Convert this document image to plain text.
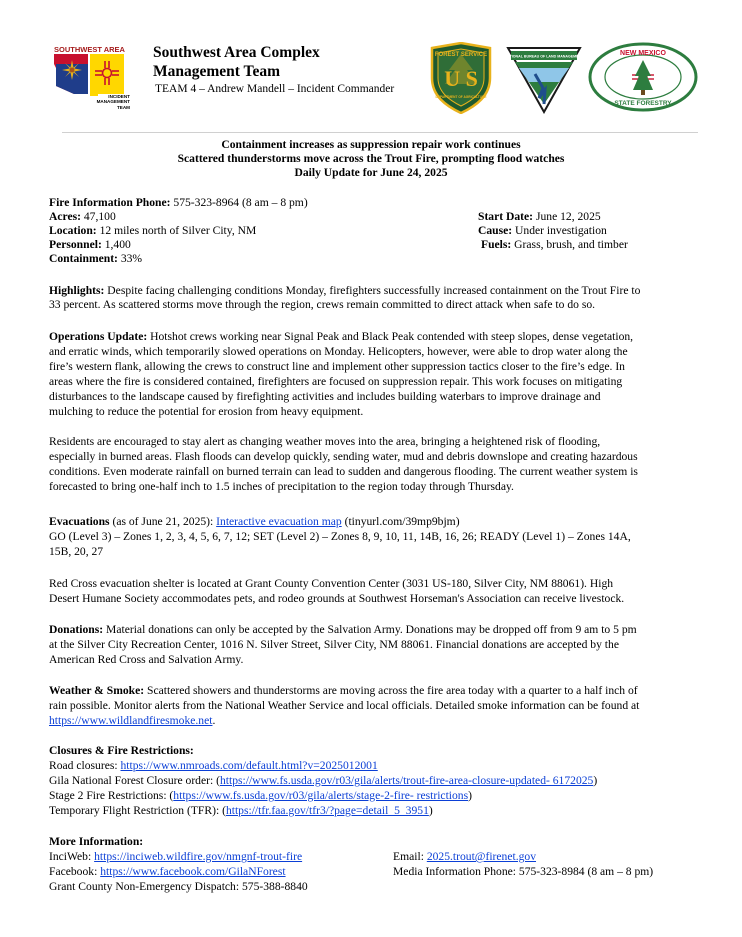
SOUTHWEST AREA
INCIDENT MANAGEMENT TEAM
Southwest Area Complex
Management Team
TEAM 4 – Andrew Mandell – Incident Commander
FOREST SERVICE
U S
DEPARTMENT OF AGRICULTURE
NATIONAL BUREAU OF LAND MANAGEMENT	NEW MEXICO
STATE FORESTRY
Containment increases as suppression repair work continues
Scattered thunderstorms move across the Trout Fire, prompting flood watches
Daily Update for June 24, 2025
Fire Information Phone: 575-323-8964 (8 am – 8 pm)
Acres: 47,100
Location: 12 miles north of Silver City, NM
Personnel: 1,400
Containment: 33%
Start Date: June 12, 2025
Cause: Under investigation
Fuels: Grass, brush, and timber
Highlights: Despite facing challenging conditions Monday, firefighters successfully increased containment on the Trout Fire to
33 percent. As scattered storms move through the region, crews remain committed to direct attack when safe to do so.
Operations Update: Hotshot crews working near Signal Peak and Black Peak contended with steep slopes, dense vegetation,
and erratic winds, which temporarily slowed operations on Monday. Helicopters, however, were able to drop water along the
fire’s western flank, allowing the crews to construct line and implement other suppression tactics closer to the fire’s edge. In
areas where the fire is considered contained, firefighters are focused on suppression repair. This work focuses on mitigating
disturbances to the landscape caused by firefighting activities and includes building waterbars to improve drainage and
mulching to reduce the potential for erosion from heavy equipment.
Residents are encouraged to stay alert as changing weather moves into the area, bringing a heightened risk of flooding,
especially in burned areas. Flash floods can develop quickly, sending water, mud and debris downslope and creating hazardous
conditions. Even moderate rainfall on burned terrain can lead to sudden and dangerous flooding. The current weather system is
forecasted to bring one-half inch to 1.5 inches of precipitation to the region today through Thursday.
Evacuations (as of June 21, 2025): Interactive evacuation map (tinyurl.com/39mp9bjm)
GO (Level 3) – Zones 1, 2, 3, 4, 5, 6, 7, 12; SET (Level 2) – Zones 8, 9, 10, 11, 14B, 16, 26; READY (Level 1) – Zones 14A,
15B, 20, 27
Red Cross evacuation shelter is located at Grant County Convention Center (3031 US-180, Silver City, NM 88061). High
Desert Humane Society accommodates pets, and rodeo grounds at Southwest Horseman's Association can receive livestock.
Donations: Material donations can only be accepted by the Salvation Army. Donations may be dropped off from 9 am to 5 pm
at the Silver City Recreation Center, 1016 N. Silver Street, Silver City, NM 88061. Financial donations are accepted by the
American Red Cross and Salvation Army.
Weather & Smoke: Scattered showers and thunderstorms are moving across the fire area today with a quarter to a half inch of
rain possible. Monitor alerts from the National Weather Service and local officials. Detailed smoke information can be found at
https://www.wildlandfiresmoke.net.
Closures & Fire Restrictions:
Road closures: https://www.nmroads.com/default.html?v=2025012001
Gila National Forest Closure order: (https://www.fs.usda.gov/r03/gila/alerts/trout-fire-area-closure-updated- 6172025)
Stage 2 Fire Restrictions: (https://www.fs.usda.gov/r03/gila/alerts/stage-2-fire- restrictions)
Temporary Flight Restriction (TFR): (https://tfr.faa.gov/tfr3/?page=detail_5_3951)
More Information:
InciWeb: https://inciweb.wildfire.gov/nmgnf-trout-fire
Facebook: https://www.facebook.com/GilaNForest
Grant County Non-Emergency Dispatch: 575-388-8840
Email: 2025.trout@firenet.gov
Media Information Phone: 575-323-8984 (8 am – 8 pm)
